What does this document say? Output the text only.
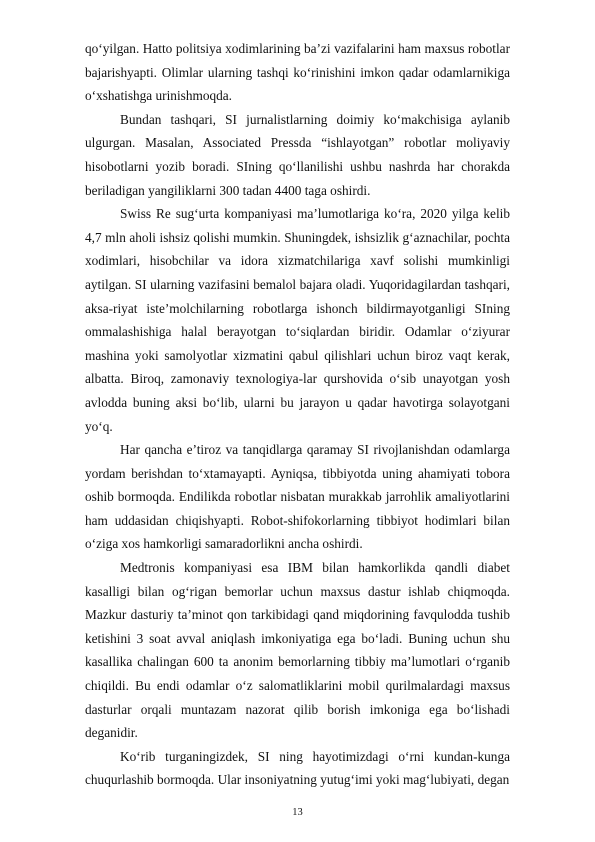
qo‘yilgan. Hatto politsiya xodimlarining ba’zi vazifalarini ham maxsus robotlar bajarishyapti. Olimlar ularning tashqi ko‘rinishini imkon qadar odamlarnikiga o‘xshatishga urinishmoqda.

Bundan tashqari, SI jurnalistlarning doimiy ko‘makchisiga aylanib ulgurgan. Masalan, Associated Pressda “ishlayotgan” robotlar moliyaviy hisobotlarni yozib boradi. SIning qo‘llanilishi ushbu nashrda har chorakda beriladigan yangiliklarni 300 tadan 4400 taga oshirdi.

Swiss Re sug‘urta kompaniyasi ma’lumotlariga ko‘ra, 2020 yilga kelib 4,7 mln aholi ishsiz qolishi mumkin. Shuningdek, ishsizlik g‘aznachilar, pochta xodimlari, hisobchilar va idora xizmatchilariga xavf solishi mumkinligi aytilgan. SI ularning vazifasini bemalol bajara oladi. Yuqoridagilardan tashqari, aksa-riyat iste’molchilarning robotlarga ishonch bildirmayotganligi SIning ommalashishiga halal berayotgan to‘siqlardan biridir. Odamlar o‘ziyurar mashina yoki samolyotlar xizmatini qabul qilishlari uchun biroz vaqt kerak, albatta. Biroq, zamonaviy texnologiya-lar qurshovida o‘sib unayotgan yosh avlodda buning aksi bo‘lib, ularni bu jarayon u qadar havotirga solayotgani yo‘q.

Har qancha e’tiroz va tanqidlarga qaramay SI rivojlanishdan odamlarga yordam berishdan to‘xtamayapti. Ayniqsa, tibbiyotda uning ahamiyati tobora oshib bormoqda. Endilikda robotlar nisbatan murakkab jarrohlik amaliyotlarini ham uddasidan chiqishyapti. Robot-shifokorlarning tibbiyot hodimlari bilan o‘ziga xos hamkorligi samaradorlikni ancha oshirdi.

Medtronis kompaniyasi esa IBM bilan hamkorlikda qandli diabet kasalligi bilan og‘rigan bemorlar uchun maxsus dastur ishlab chiqmoqda. Mazkur dasturiy ta’minot qon tarkibidagi qand miqdorining favqulodda tushib ketishini 3 soat avval aniqlash imkoniyatiga ega bo‘ladi. Buning uchun shu kasallika chalingan 600 ta anonim bemorlarning tibbiy ma’lumotlari o‘rganib chiqildi. Bu endi odamlar o‘z salomatliklarini mobil qurilmalardagi maxsus dasturlar orqali muntazam nazorat qilib borish imkoniga ega bo‘lishadi deganidir.

Ko‘rib turganingizdek, SI ning hayotimizdagi o‘rni kundan-kunga chuqurlashib bormoqda. Ular insoniyatning yutug‘imi yoki mag‘lubiyati, degan

13
